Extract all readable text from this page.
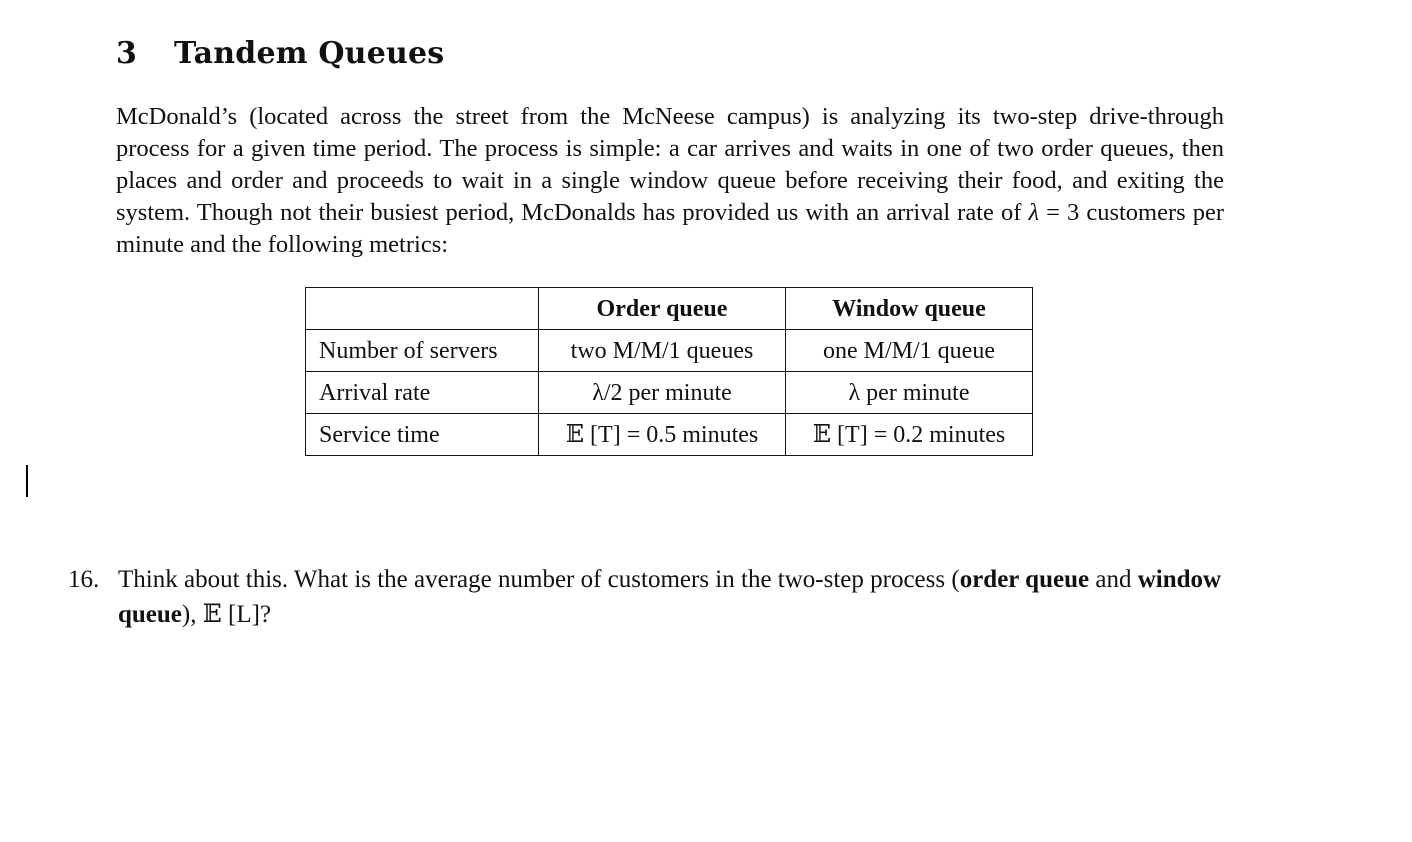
3 Tandem Queues

McDonald’s (located across the street from the McNeese campus) is analyzing its two-step drive-through process for a given time period. The process is simple: a car arrives and waits in one of two order queues, then places and order and proceeds to wait in a single window queue before receiving their food, and exiting the system. Though not their busiest period, McDonalds has provided us with an arrival rate of λ = 3 customers per minute and the following metrics:

	Order queue	Window queue
Number of servers	two M/M/1 queues	one M/M/1 queue
Arrival rate	λ/2 per minute	λ per minute
Service time	𝔼 [T] = 0.5 minutes	𝔼 [T] = 0.2 minutes
16. Think about this. What is the average number of customers in the two-step process (order queue and window queue), 𝔼 [L]?
